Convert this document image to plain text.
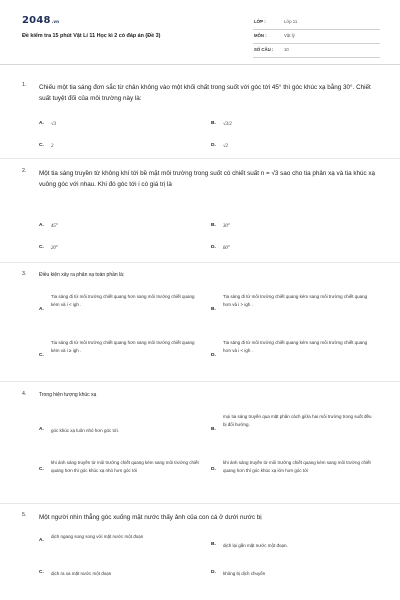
2048.vn
Đề kiểm tra 15 phút Vật Lí 11 Học kì 2 có đáp án (Đề 3)
LỚP :	Lớp 11
MÔN :	Vật lý
SỐ CÂU : 10
1. Chiếu một tia sáng đơn sắc từ chân không vào một khối chất trong suốt với góc tới 45° thì góc khúc xạ bằng 30°. Chiết suất tuyệt đối của môi trường này là:
A. √3	B. √3/2
C. 2	D. √2
2. Một tia sáng truyền từ không khí tới bề mặt môi trường trong suốt có chiết suất n = √3 sao cho tia phản xạ và tia khúc xạ vuông góc với nhau. Khi đó góc tới i có giá trị là
A. 45°	B. 30°
C. 20°	D. 60°
3.	Điều kiện xảy ra phản xạ toàn phần là:
A.
Tia sáng đi từ môi trường chiết quang hơn sang môi trường chiết quang kém và i < igh .
B.
Tia sáng đi từ môi trường chiết quang kém sang môi trường chiết quang hơn và i > igh .
C.
Tia sáng đi từ môi trường chiết quang hơn sang môi trường chiết quang kém và i ≥ igh .
D.
Tia sáng đi từ môi trường chiết quang kém sang môi trường chiết quang hơn và i < igh .
4.	Trong hiện tượng khúc xạ
A. góc khúc xạ luôn nhỏ hơn góc tới.	B.
mọi tia sáng truyền qua mặt phân cách giữa hai môi trường trong suốt đều bị đổi hướng.
C.
khi ánh sáng truyền từ môi trường chiết quang kém sang môi trường chiết quang hơn thì góc khúc xạ nhỏ hơn góc tới	D.
khi ánh sáng truyền từ môi trường chiết quang kém sang môi trường chiết quang hơn thì góc khúc xạ lớn hơn góc tới
5. Một người nhìn thẳng góc xuống mặt nước thấy ảnh của con cá ở dưới nước bị
A.
dịch ngang song song với mặt nước một đoạn
B. dịch lại gần mặt nước một đoạn.
C. dịch ra xa mặt nước một đoạn	D. không bị dịch chuyển
